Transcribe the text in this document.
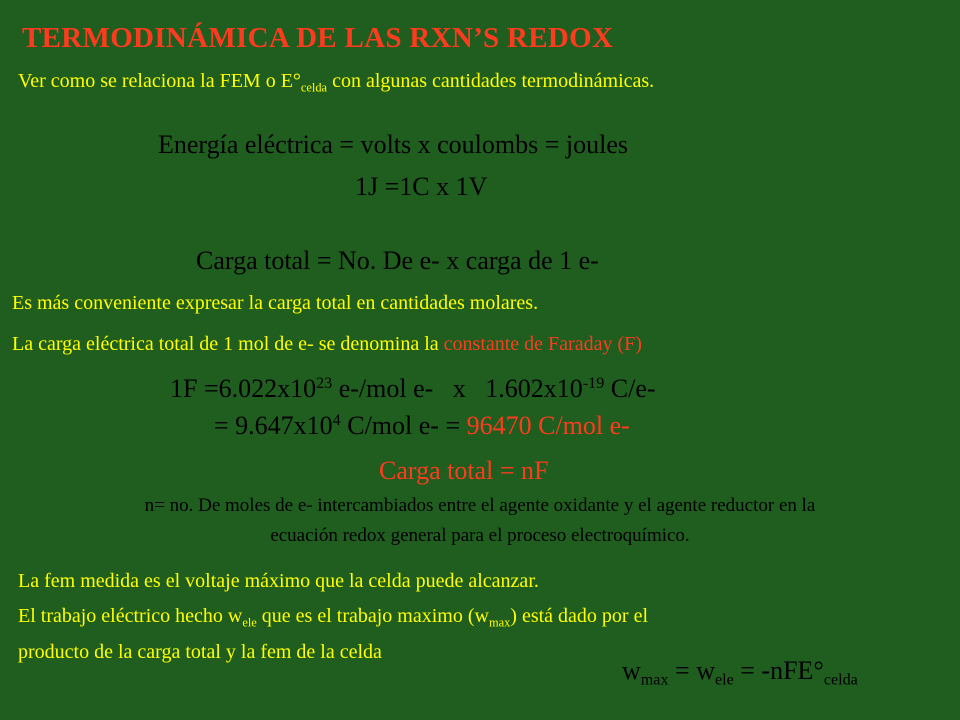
TERMODINÁMICA DE LAS RXN’S REDOX
Ver como se relaciona la FEM o $E^\circ_{celda}$ con algunas cantidades termodinámicas.
Energía eléctrica = volts x coulombs = joules
1J =1C x 1V
Carga total = No. De e- x carga de 1 e-
Es más conveniente expresar la carga total en cantidades molares.
La carga eléctrica total de 1 mol de e- se denomina la constante de Faraday (F)
$1F =6.022x10^{23}$ e-/mol e-   x   $1.602x10^{-19}$ C/e-
= $9.647x10^4$ C/mol e- = 96470 C/mol e-
Carga total = nF
n= no. De moles de e- intercambiados entre el agente oxidante y el agente reductor en la
ecuación redox general para el proceso electroquímico.
La fem medida es el voltaje máximo que la celda puede alcanzar.
El trabajo eléctrico hecho $w_{ele}$ que es el trabajo maximo $(w_{max})$ está dado por el
producto de la carga total y la fem de la celda
$w_{max} = w_{ele} = -nFE^\circ_{celda}$
